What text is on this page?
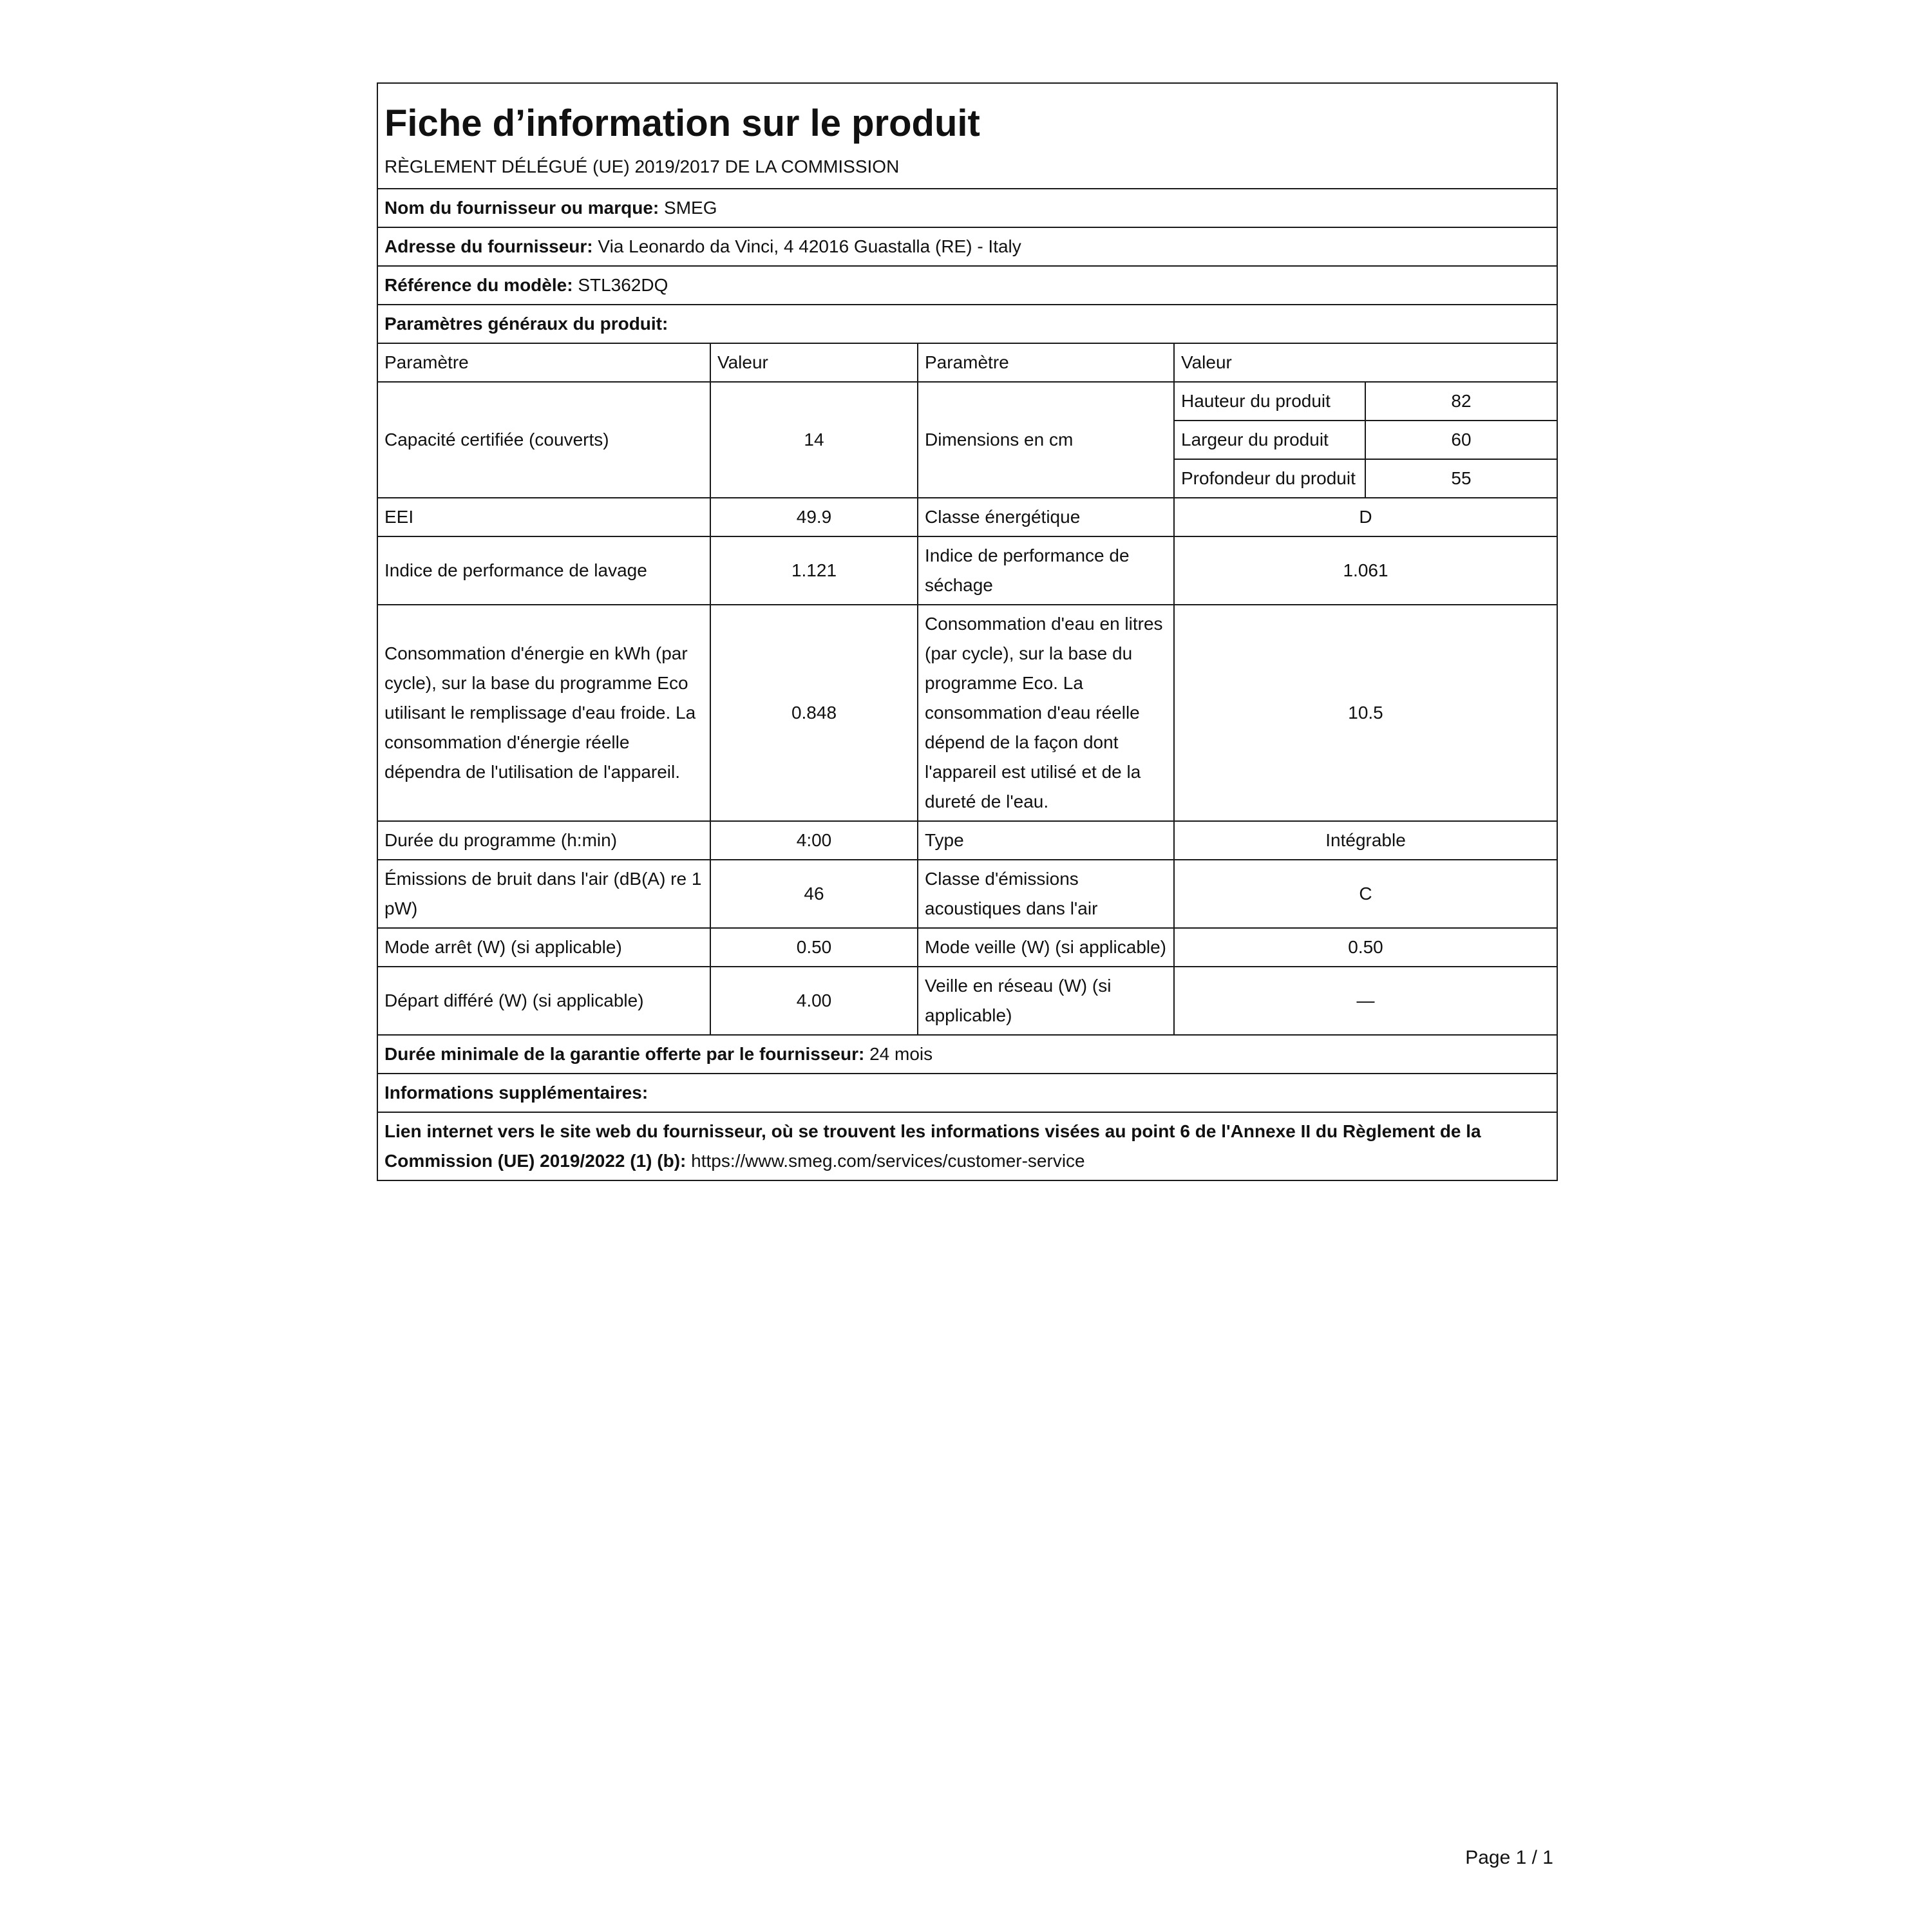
Fiche d’information sur le produit				

RÈGLEMENT DÉLÉGUÉ (UE) 2019/2017 DE LA COMMISSION				
Nom du fournisseur ou marque: SMEG				
Adresse du fournisseur: Via Leonardo da Vinci, 4 42016 Guastalla (RE) - Italy				
Référence du modèle: STL362DQ				
Paramètres généraux du produit:				
Paramètre	Valeur	Paramètre	Valeur	
Capacité certifiée (couverts)	14	Dimensions en cm	Hauteur du produit	82
			Largeur du produit	60
			Profondeur du produit	55
EEI	49.9	Classe énergétique	D	
Indice de performance de lavage	1.121	Indice de performance de séchage	1.061	
Consommation d'énergie en kWh (par cycle), sur la base du programme Eco utilisant le remplissage d'eau froide. La consommation d'énergie réelle dépendra de l'utilisation de l'appareil.	0.848	Consommation d'eau en litres (par cycle), sur la base du programme Eco. La consommation d'eau réelle dépend de la façon dont l'appareil est utilisé et de la dureté de l'eau.	10.5	
Durée du programme (h:min)	4:00	Type	Intégrable	
Émissions de bruit dans l'air (dB(A) re 1 pW)	46	Classe d'émissions acoustiques dans l'air	C	
Mode arrêt (W) (si applicable)	0.50	Mode veille (W) (si applicable)	0.50	
Départ différé (W) (si applicable)	4.00	Veille en réseau (W) (si applicable)	—	
Durée minimale de la garantie offerte par le fournisseur: 24 mois				
Informations supplémentaires:				
Lien internet vers le site web du fournisseur, où se trouvent les informations visées au point 6 de l'Annexe II du Règlement de la Commission (UE) 2019/2022 (1) (b): https://www.smeg.com/services/customer-service				
Page 1 / 1
